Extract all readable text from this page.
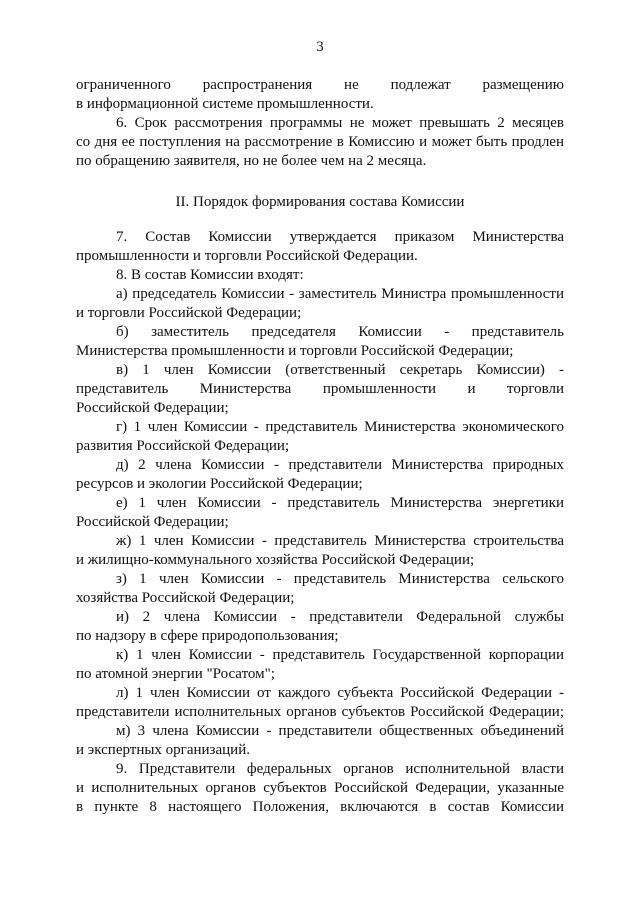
3
ограниченного распространения не подлежат размещению
в информационной системе промышленности.
6. Срок рассмотрения программы не может превышать 2 месяцев
со дня ее поступления на рассмотрение в Комиссию и может быть продлен
по обращению заявителя, но не более чем на 2 месяца.
II. Порядок формирования состава Комиссии
7. Состав Комиссии утверждается приказом Министерства
промышленности и торговли Российской Федерации.
8. В состав Комиссии входят:
а) председатель Комиссии - заместитель Министра промышленности
и торговли Российской Федерации;
б) заместитель председателя Комиссии - представитель
Министерства промышленности и торговли Российской Федерации;
в) 1 член Комиссии (ответственный секретарь Комиссии) -
представитель Министерства промышленности и торговли
Российской Федерации;
г) 1 член Комиссии - представитель Министерства экономического
развития Российской Федерации;
д) 2 члена Комиссии - представители Министерства природных
ресурсов и экологии Российской Федерации;
е) 1 член Комиссии - представитель Министерства энергетики
Российской Федерации;
ж) 1 член Комиссии - представитель Министерства строительства
и жилищно-коммунального хозяйства Российской Федерации;
з) 1 член Комиссии - представитель Министерства сельского
хозяйства Российской Федерации;
и) 2 члена Комиссии - представители Федеральной службы
по надзору в сфере природопользования;
к) 1 член Комиссии - представитель Государственной корпорации
по атомной энергии "Росатом";
л) 1 член Комиссии от каждого субъекта Российской Федерации -
представители исполнительных органов субъектов Российской Федерации;
м) 3 члена Комиссии - представители общественных объединений
и экспертных организаций.
9. Представители федеральных органов исполнительной власти
и исполнительных органов субъектов Российской Федерации, указанные
в пункте 8 настоящего Положения, включаются в состав Комиссии
